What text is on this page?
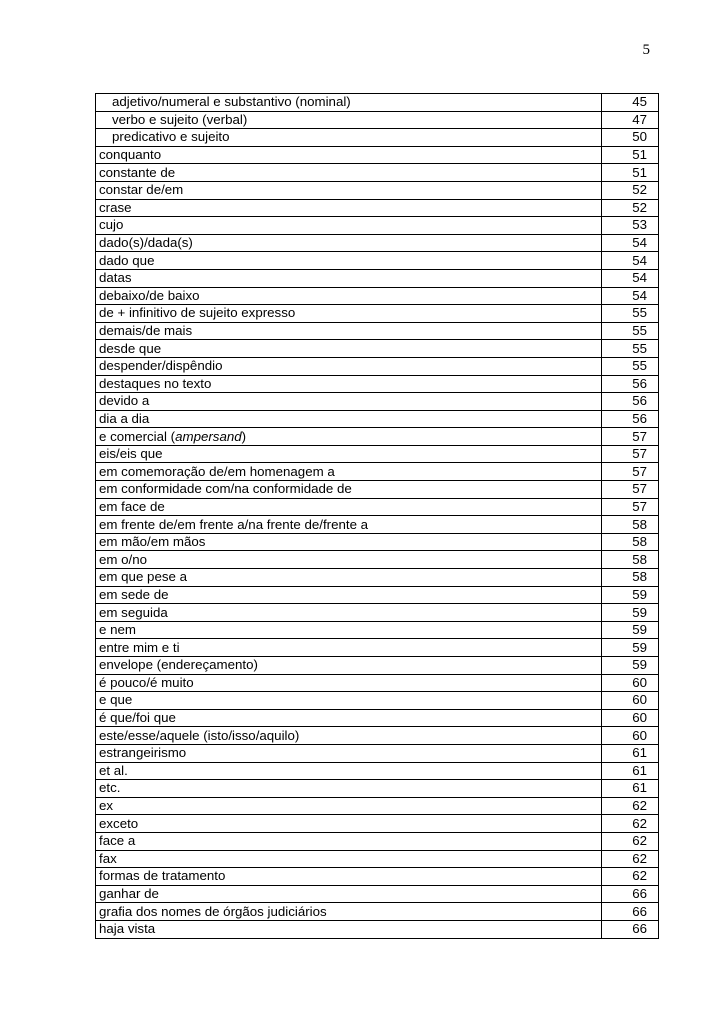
5
adjetivo/numeral e substantivo (nominal)	45
verbo e sujeito (verbal)	47
predicativo e sujeito	50
conquanto	51
constante de	51
constar de/em	52
crase	52
cujo	53
dado(s)/dada(s)	54
dado que	54
datas	54
debaixo/de baixo	54
de + infinitivo de sujeito expresso	55
demais/de mais	55
desde que	55
despender/dispêndio	55
destaques no texto	56
devido a	56
dia a dia	56
e comercial (ampersand)	57
eis/eis que	57
em comemoração de/em homenagem a	57
em conformidade com/na conformidade de	57
em face de	57
em frente de/em frente a/na frente de/frente a	58
em mão/em mãos	58
em o/no	58
em que pese a	58
em sede de	59
em seguida	59
e nem	59
entre mim e ti	59
envelope (endereçamento)	59
é pouco/é muito	60
e que	60
é que/foi que	60
este/esse/aquele (isto/isso/aquilo)	60
estrangeirismo	61
et al.	61
etc.	61
ex	62
exceto	62
face a	62
fax	62
formas de tratamento	62
ganhar de	66
grafia dos nomes de órgãos judiciários	66
haja vista	66
